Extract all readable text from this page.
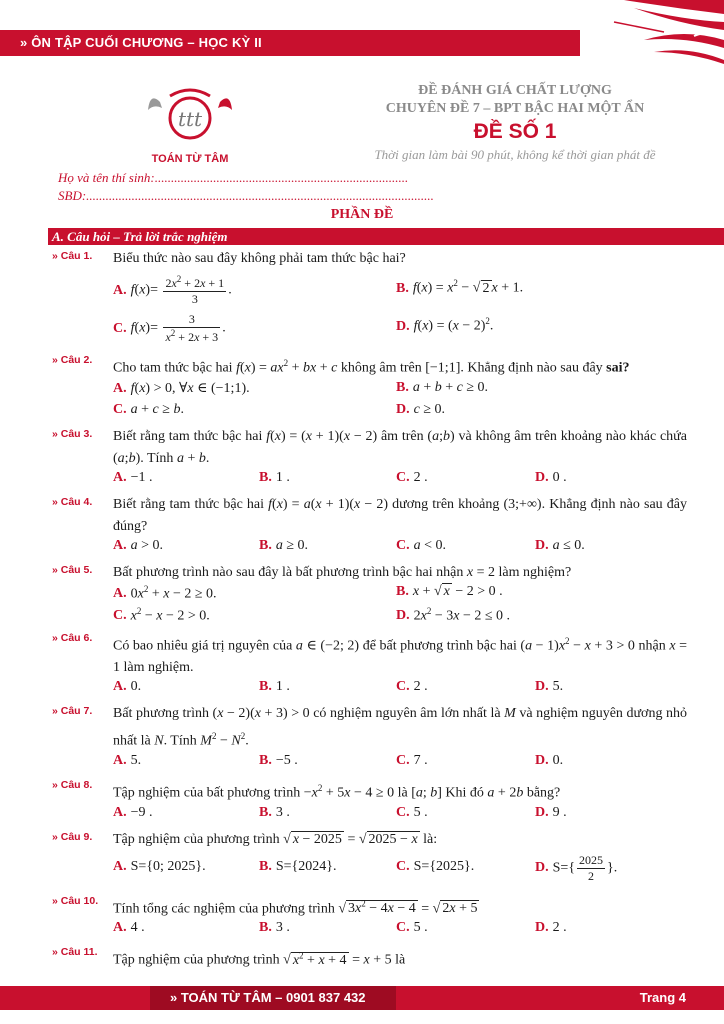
» ÔN TẬP CUỐI CHƯƠNG – HỌC KỲ II
ttt
TOÁN TỪ TÂM
ĐỀ ĐÁNH GIÁ CHẤT LƯỢNG
CHUYÊN ĐỀ 7 – BPT BẬC HAI MỘT ẨN
ĐỀ SỐ 1
Thời gian làm bài 90 phút, không kể thời gian phát đề
Họ và tên thí sinh:..............................................................................
SBD:...........................................................................................................
PHẦN ĐỀ
A. Câu hỏi – Trả lời trắc nghiệm
» Câu 1. Biểu thức nào sau đây không phải tam thức bậc hai?
A. $f(x)= \frac{2x^2 + 2x + 1}{3}$ .	B. $f(x) = x^2$ − √ 2 x + 1.
C. $f(x)= \frac{3}{x^2 + 2x + 3}$ .	D. $f(x) = (x - 2)^2$.
» Câu 2.
Cho tam thức bậc hai $f(x) = ax^2$ + bx + c không âm trên [−1;1]. Khẳng định nào sau đây sai?
A. f(x) > 0, ∀x ∈ (−1;1).	B. a + b + c ≥ 0.
C. a + c ≥ b.	D. c ≥ 0.
» Câu 3. Biết rằng tam thức bậc hai f(x) = (x + 1)(x − 2) âm trên (a;b) và không âm trên khoảng nào khác chứa (a;b). Tính a + b.
A. −1 .	B. 1 .	C. 2 .	D. 0 .
» Câu 4. Biết rằng tam thức bậc hai f(x) = a(x + 1)(x − 2) dương trên khoảng (3;+∞). Khẳng định nào sau đây đúng?
A. a > 0.	B. a ≥ 0.	C. a < 0.	D. a ≤ 0.
» Câu 5. Bất phương trình nào sau đây là bất phương trình bậc hai nhận x = 2 làm nghiệm?
A. $0x^2 + x - 2 \ge 0$.	B. x + √ x − 2 > 0 .
C. $x^2 - x - 2 > 0$.	D. $2x^2 - 3x - 2 \le 0$ .
» Câu 6.
Có bao nhiêu giá trị nguyên của a ∈ (−2; 2) để bất phương trình bậc hai $(a - 1)x^2 - x + 3 > 0$ nhận x = 1 làm nghiệm.
A. 0.	B. 1 .	C. 2 .	D. 5.
» Câu 7. Bất phương trình (x − 2)(x + 3) > 0 có nghiệm nguyên âm lớn nhất là M và nghiệm nguyên dương nhỏ nhất là N. Tính $M^2 - N^2$.
A. 5.	B. −5 .	C. 7 .	D. 0.
» Câu 8.
Tập nghiệm của bất phương trình $-x^2 + 5x - 4 \ge 0$ là [a; b] Khi đó a + 2b bằng?
A. −9 .	B. 3 .	C. 5 .	D. 9 .
» Câu 9. Tập nghiệm của phương trình √ x − 2025 = √ 2025 − x là:
A. S={0; 2025}.	B. S={2024}.	C. S={2025}.	D. $S=\{ \frac{2025}{2}$ }.
» Câu 10.
Tính tổng các nghiệm của phương trình √ $3x^2 - 4x - 4$ = √ 2x + 5
A. 4 .	B. 3 .	C. 5 .	D. 2 .
» Câu 11.
Tập nghiệm của phương trình √ $x^2 + x + 4 = x + 5$ là
» TOÁN TỪ TÂM – 0901 837 432	Trang 4
